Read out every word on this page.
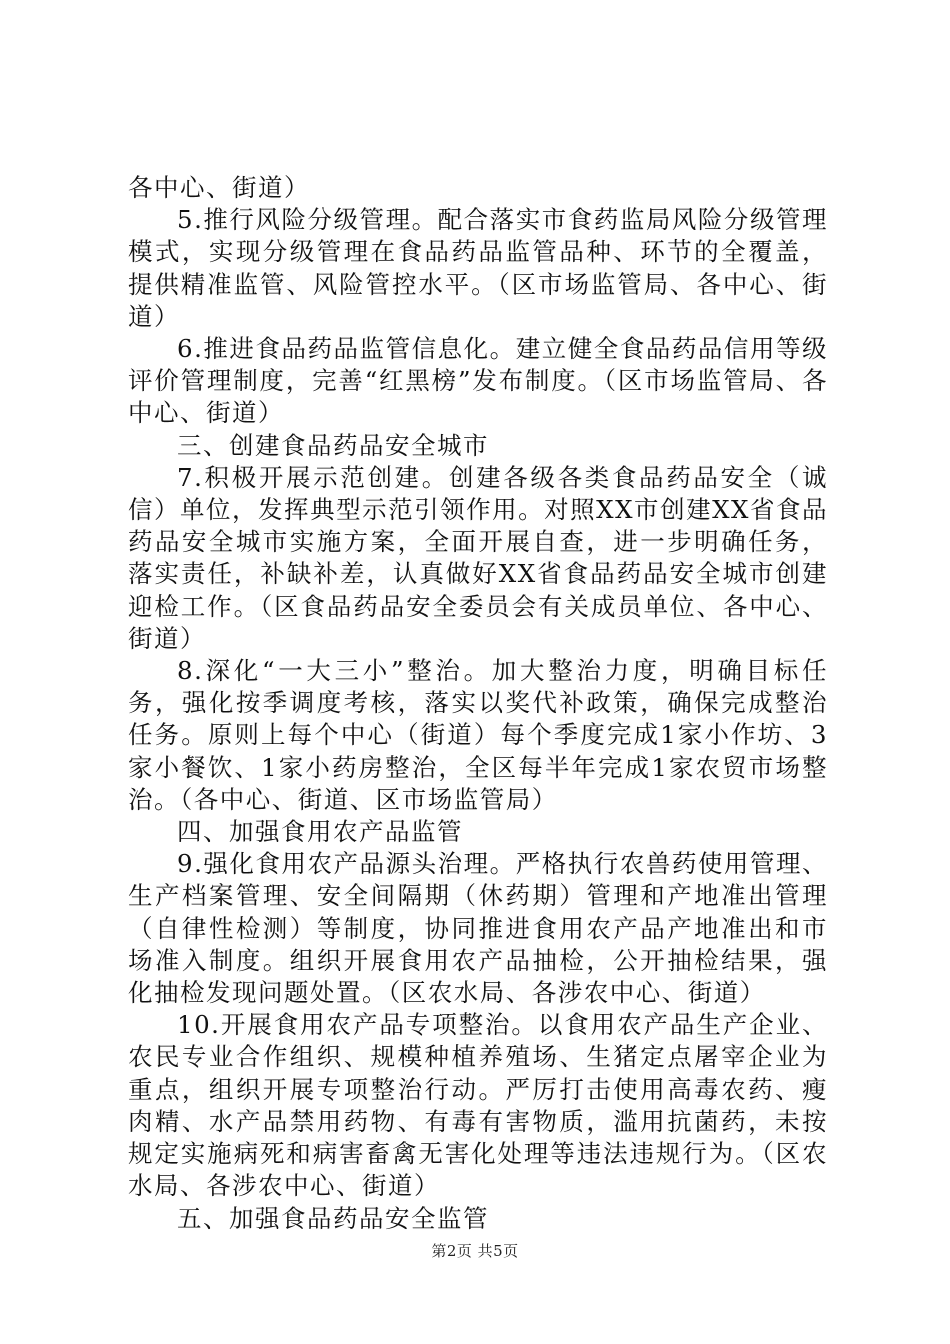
各中心、街道）

5.推行风险分级管理。配合落实市食药监局风险分级管理模式，实现分级管理在食品药品监管品种、环节的全覆盖，提供精准监管、风险管控水平。（区市场监管局、各中心、街道）

6.推进食品药品监管信息化。建立健全食品药品信用等级评价管理制度，完善“红黑榜”发布制度。（区市场监管局、各中心、街道）

三、创建食品药品安全城市

7.积极开展示范创建。创建各级各类食品药品安全（诚信）单位，发挥典型示范引领作用。对照XX市创建XX省食品药品安全城市实施方案，全面开展自查，进一步明确任务，落实责任，补缺补差，认真做好XX省食品药品安全城市创建迎检工作。（区食品药品安全委员会有关成员单位、各中心、街道）

8.深化“一大三小”整治。加大整治力度，明确目标任务，强化按季调度考核，落实以奖代补政策，确保完成整治任务。原则上每个中心（街道）每个季度完成1家小作坊、3家小餐饮、1家小药房整治，全区每半年完成1家农贸市场整治。（各中心、街道、区市场监管局）

四、加强食用农产品监管

9.强化食用农产品源头治理。严格执行农兽药使用管理、生产档案管理、安全间隔期（休药期）管理和产地准出管理（自律性检测）等制度，协同推进食用农产品产地准出和市场准入制度。组织开展食用农产品抽检，公开抽检结果，强化抽检发现问题处置。（区农水局、各涉农中心、街道）

10.开展食用农产品专项整治。以食用农产品生产企业、农民专业合作组织、规模种植养殖场、生猪定点屠宰企业为重点，组织开展专项整治行动。严厉打击使用高毒农药、瘦肉精、水产品禁用药物、有毒有害物质，滥用抗菌药，未按规定实施病死和病害畜禽无害化处理等违法违规行为。（区农水局、各涉农中心、街道）

五、加强食品药品安全监管

第2页 共5页
